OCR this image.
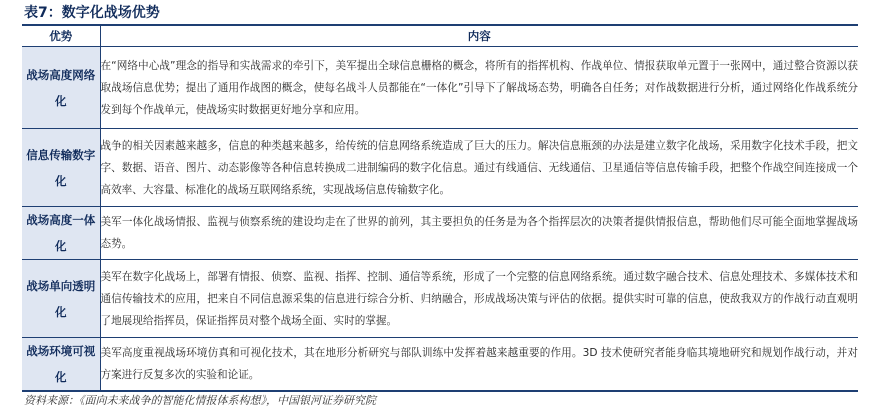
表7：数字化战场优势
优势	内容
战场高度网络化	在“网络中心战”理念的指导和实战需求的牵引下，美军提出全球信息栅格的概念，将所有的指挥机构、作战单位、情报获取单元置于一张网中，通过整合资源以获取战场信息优势；提出了通用作战图的概念，使每名战斗人员都能在“一体化”引导下了解战场态势，明确各自任务；对作战数据进行分析，通过网络化作战系统分发到每个作战单元，使战场实时数据更好地分享和应用。
信息传输数字化	战争的相关因素越来越多，信息的种类越来越多，给传统的信息网络系统造成了巨大的压力。解决信息瓶颈的办法是建立数字化战场，采用数字化技术手段，把文字、数据、语音、图片、动态影像等各种信息转换成二进制编码的数字化信息。通过有线通信、无线通信、卫星通信等信息传输手段，把整个作战空间连接成一个高效率、大容量、标准化的战场互联网络系统，实现战场信息传输数字化。
战场高度一体化	美军一体化战场情报、监视与侦察系统的建设均走在了世界的前列，其主要担负的任务是为各个指挥层次的决策者提供情报信息，帮助他们尽可能全面地掌握战场态势。
战场单向透明化	美军在数字化战场上，部署有情报、侦察、监视、指挥、控制、通信等系统，形成了一个完整的信息网络系统。通过数字融合技术、信息处理技术、多媒体技术和通信传输技术的应用，把来自不同信息源采集的信息进行综合分析、归纳融合，形成战场决策与评估的依据。提供实时可靠的信息，使敌我双方的作战行动直观明了地展现给指挥员，保证指挥员对整个战场全面、实时的掌握。
战场环境可视化	美军高度重视战场环境仿真和可视化技术，其在地形分析研究与部队训练中发挥着越来越重要的作用。3D 技术使研究者能身临其境地研究和规划作战行动，并对方案进行反复多次的实验和论证。
资料来源：《面向未来战争的智能化情报体系构想》，中国银河证券研究院
